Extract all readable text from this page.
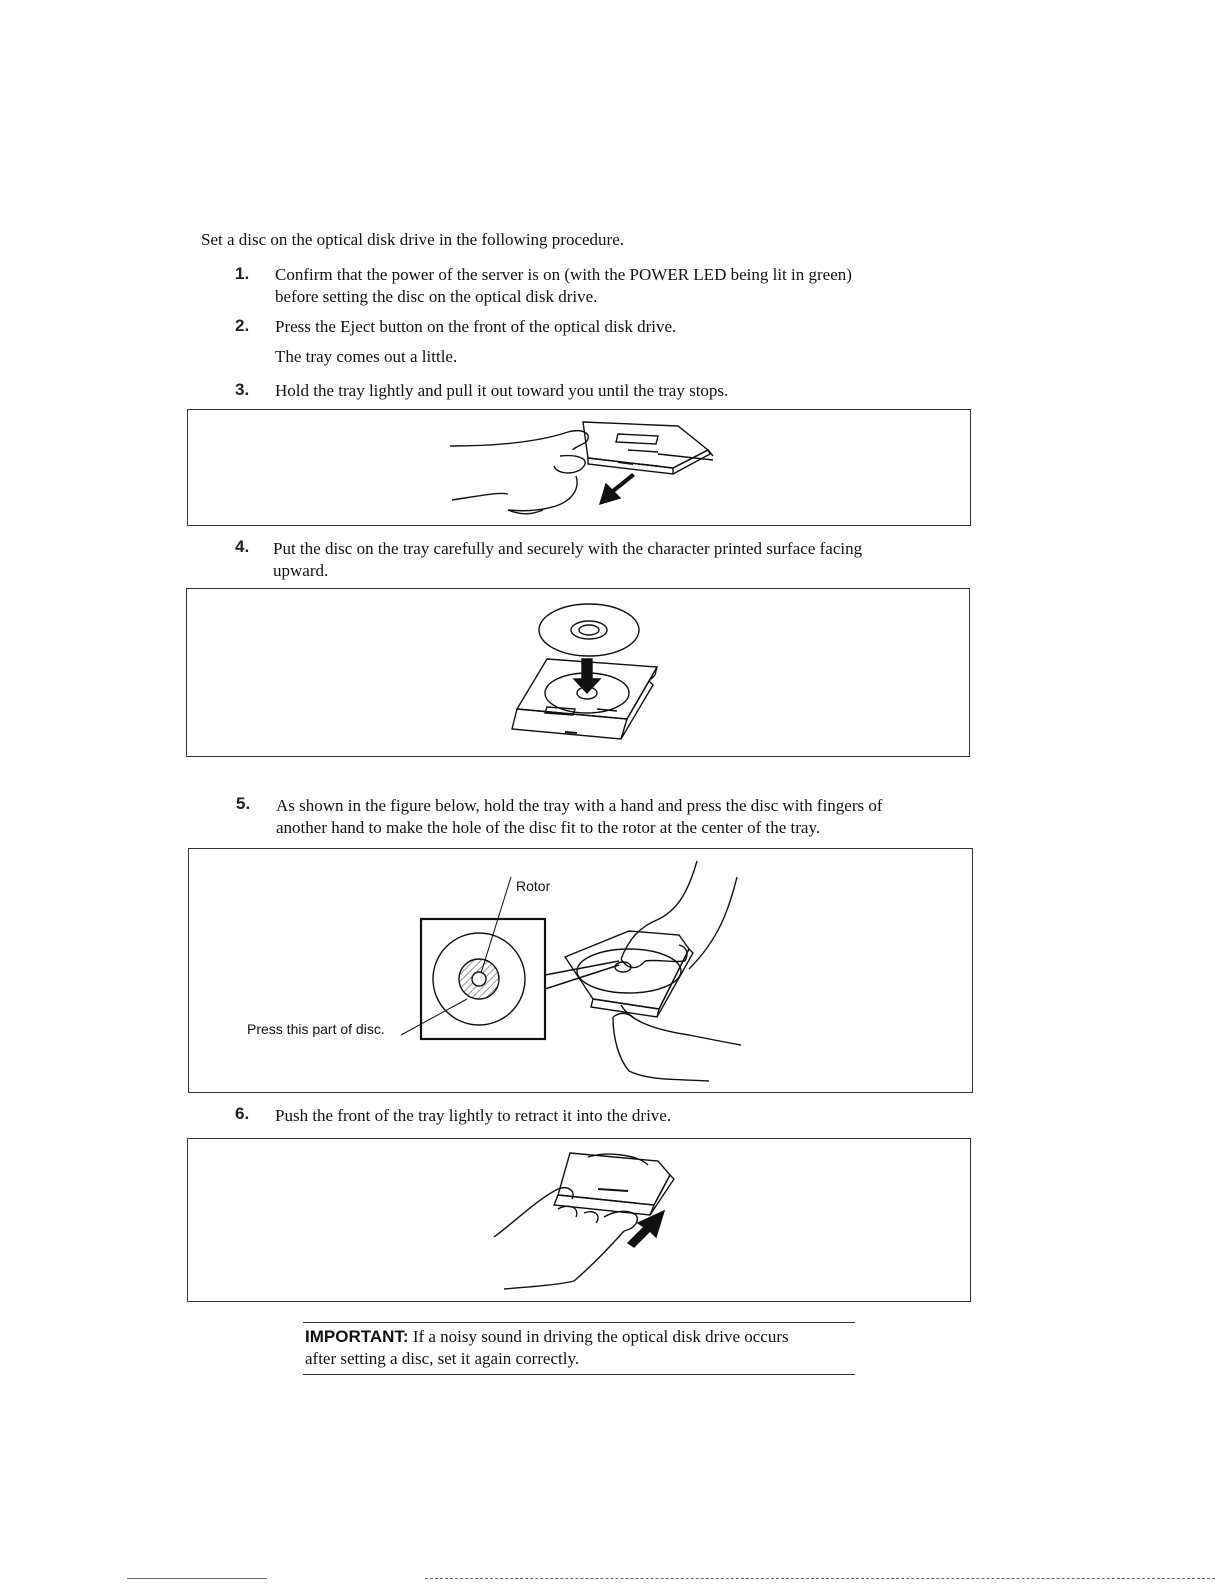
Set a disc on the optical disk drive in the following procedure.
1. Confirm that the power of the server is on (with the POWER LED being lit in green)
before setting the disc on the optical disk drive.
2. Press the Eject button on the front of the optical disk drive.
The tray comes out a little.
3. Hold the tray lightly and pull it out toward you until the tray stops.
4. Put the disc on the tray carefully and securely with the character printed surface facing
upward.
5. As shown in the figure below, hold the tray with a hand and press the disc with fingers of
another hand to make the hole of the disc fit to the rotor at the center of the tray.
Rotor
Press this part of disc.
6. Push the front of the tray lightly to retract it into the drive.
IMPORTANT: If a noisy sound in driving the optical disk drive occurs
after setting a disc, set it again correctly.
